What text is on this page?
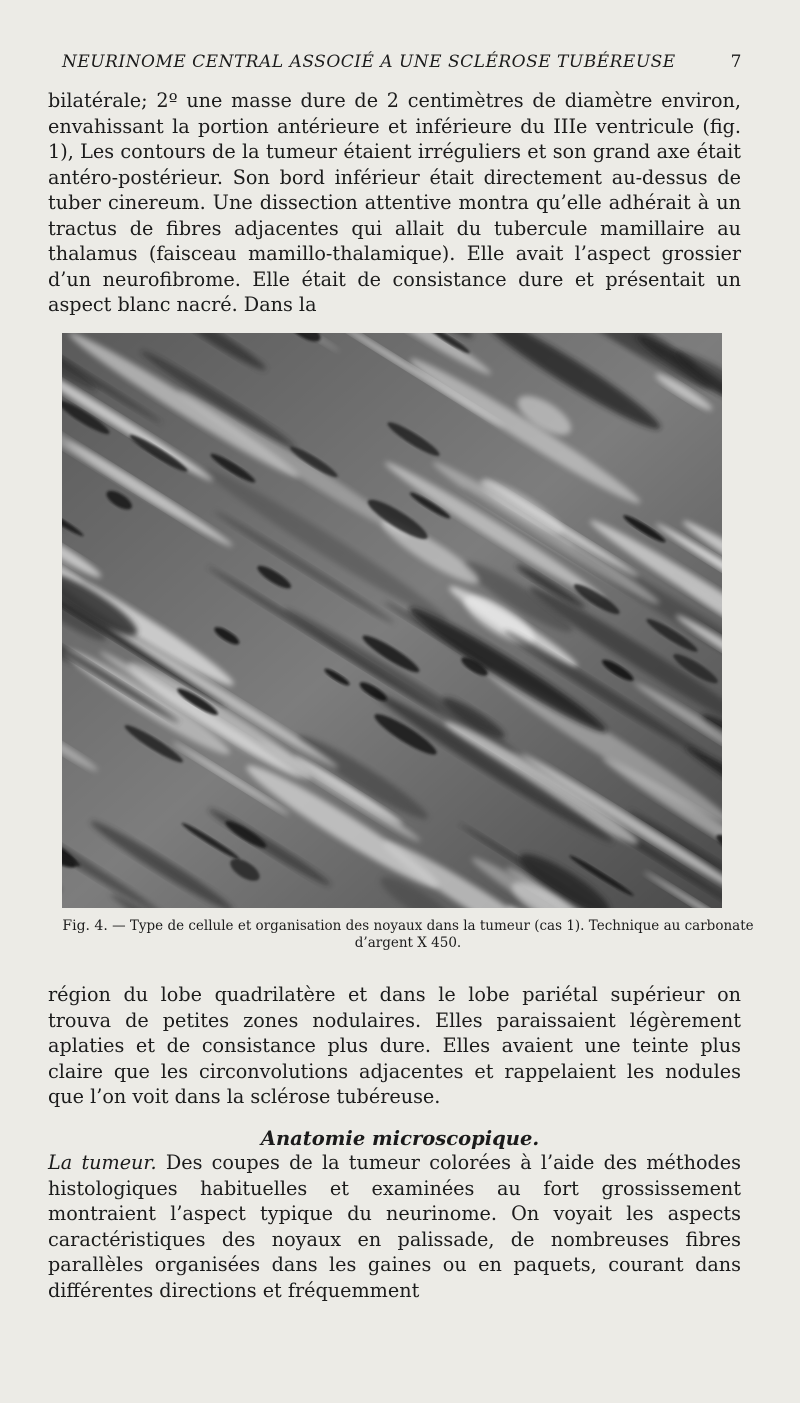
NEURINOME CENTRAL ASSOCIÉ A UNE SCLÉROSE TUBÉREUSE	7

bilatérale; 2º une masse dure de 2 centimètres de diamètre environ, envahissant la portion antérieure et inférieure du IIIe ventricule (fig. 1), Les contours de la tumeur étaient irréguliers et son grand axe était antéro-postérieur. Son bord inférieur était directement au-dessus de tuber cinereum. Une dissection attentive montra qu’elle adhérait à un tractus de fibres adjacentes qui allait du tubercule mamillaire au thalamus (faisceau mamillo-thalamique). Elle avait l’aspect grossier d’un neurofibrome. Elle était de consistance dure et présentait un aspect blanc nacré. Dans la

Fig. 4. — Type de cellule et organisation des noyaux dans la tumeur (cas 1). Technique au carbonate d’argent X 450.

région du lobe quadrilatère et dans le lobe pariétal supérieur on trouva de petites zones nodulaires. Elles paraissaient légèrement aplaties et de consistance plus dure. Elles avaient une teinte plus claire que les circonvolutions adjacentes et rappelaient les nodules que l’on voit dans la sclérose tubéreuse.

Anatomie microscopique.

La tumeur. Des coupes de la tumeur colorées à l’aide des méthodes histologiques habituelles et examinées au fort grossissement montraient l’aspect typique du neurinome. On voyait les aspects caractéristiques des noyaux en palissade, de nombreuses fibres parallèles organisées dans les gaines ou en paquets, courant dans différentes directions et fréquemment
